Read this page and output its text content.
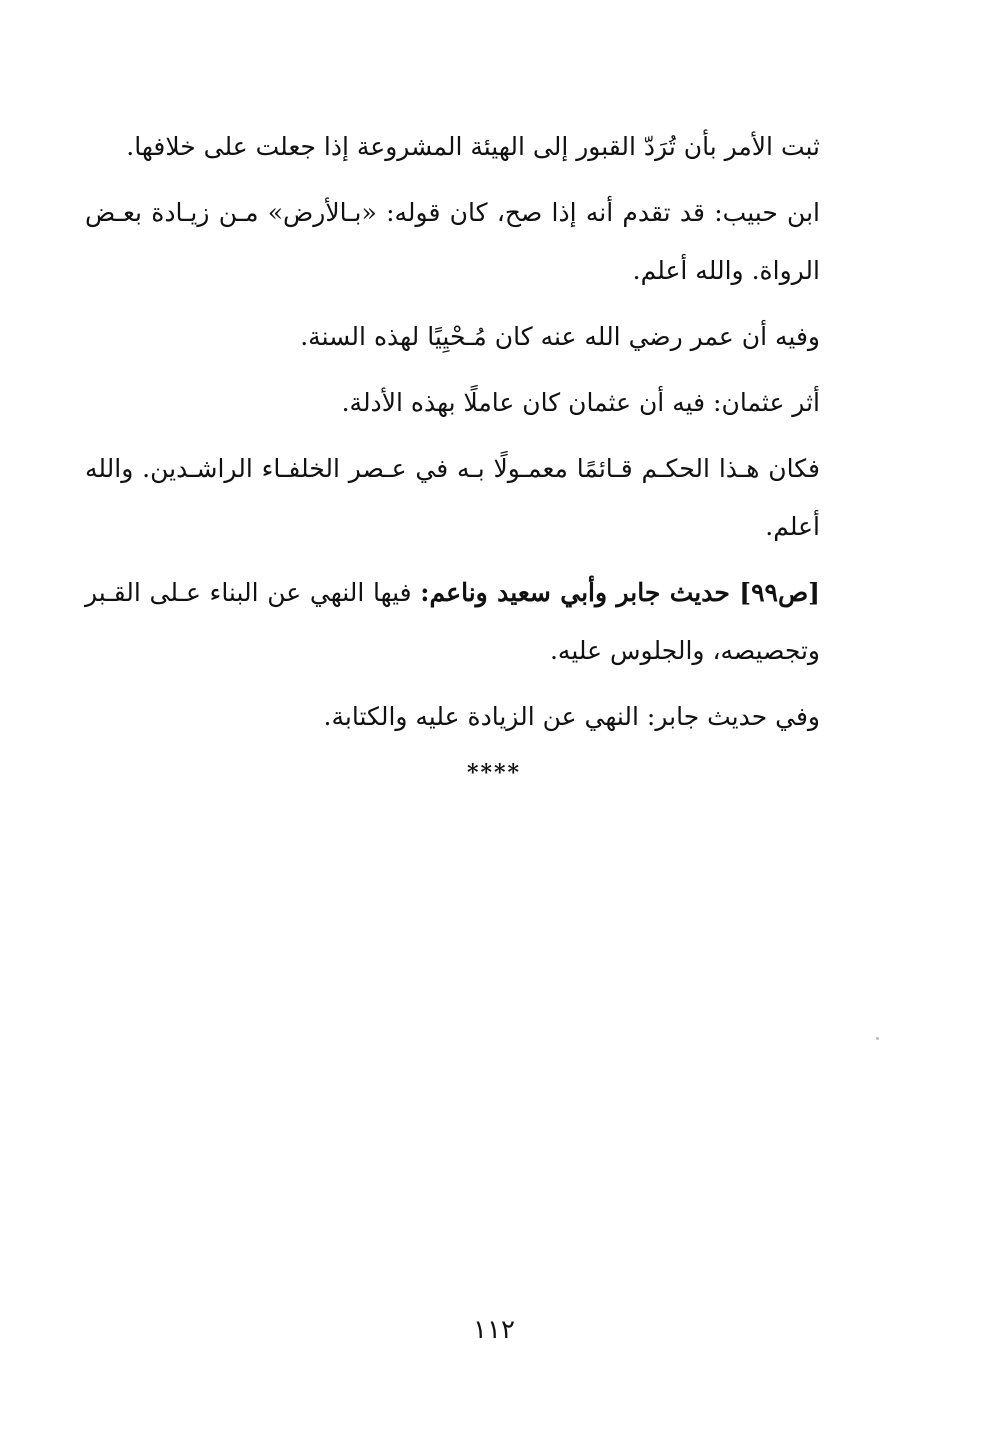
ثبت الأمر بأن تُرَدّ القبور إلى الهيئة المشروعة إذا جعلت على خلافها.

ابن حبيب: قد تقدم أنه إذا صح، كان قوله: «بـالأرض» مـن زيـادة بعـض الرواة. والله أعلم.

وفيه أن عمر رضي الله عنه كان مُـحْيِيًا لهذه السنة.

أثر عثمان: فيه أن عثمان كان عاملًا بهذه الأدلة.

فكان هـذا الحكـم قـائمًا معمـولًا بـه في عـصر الخلفـاء الراشـدين. والله أعلم.

[ص٩٩] حديث جابر وأبي سعيد وناعم: فيها النهي عن البناء عـلى القـبر وتجصيصه، والجلوس عليه.

وفي حديث جابر: النهي عن الزيادة عليه والكتابة.

****
١١٢
